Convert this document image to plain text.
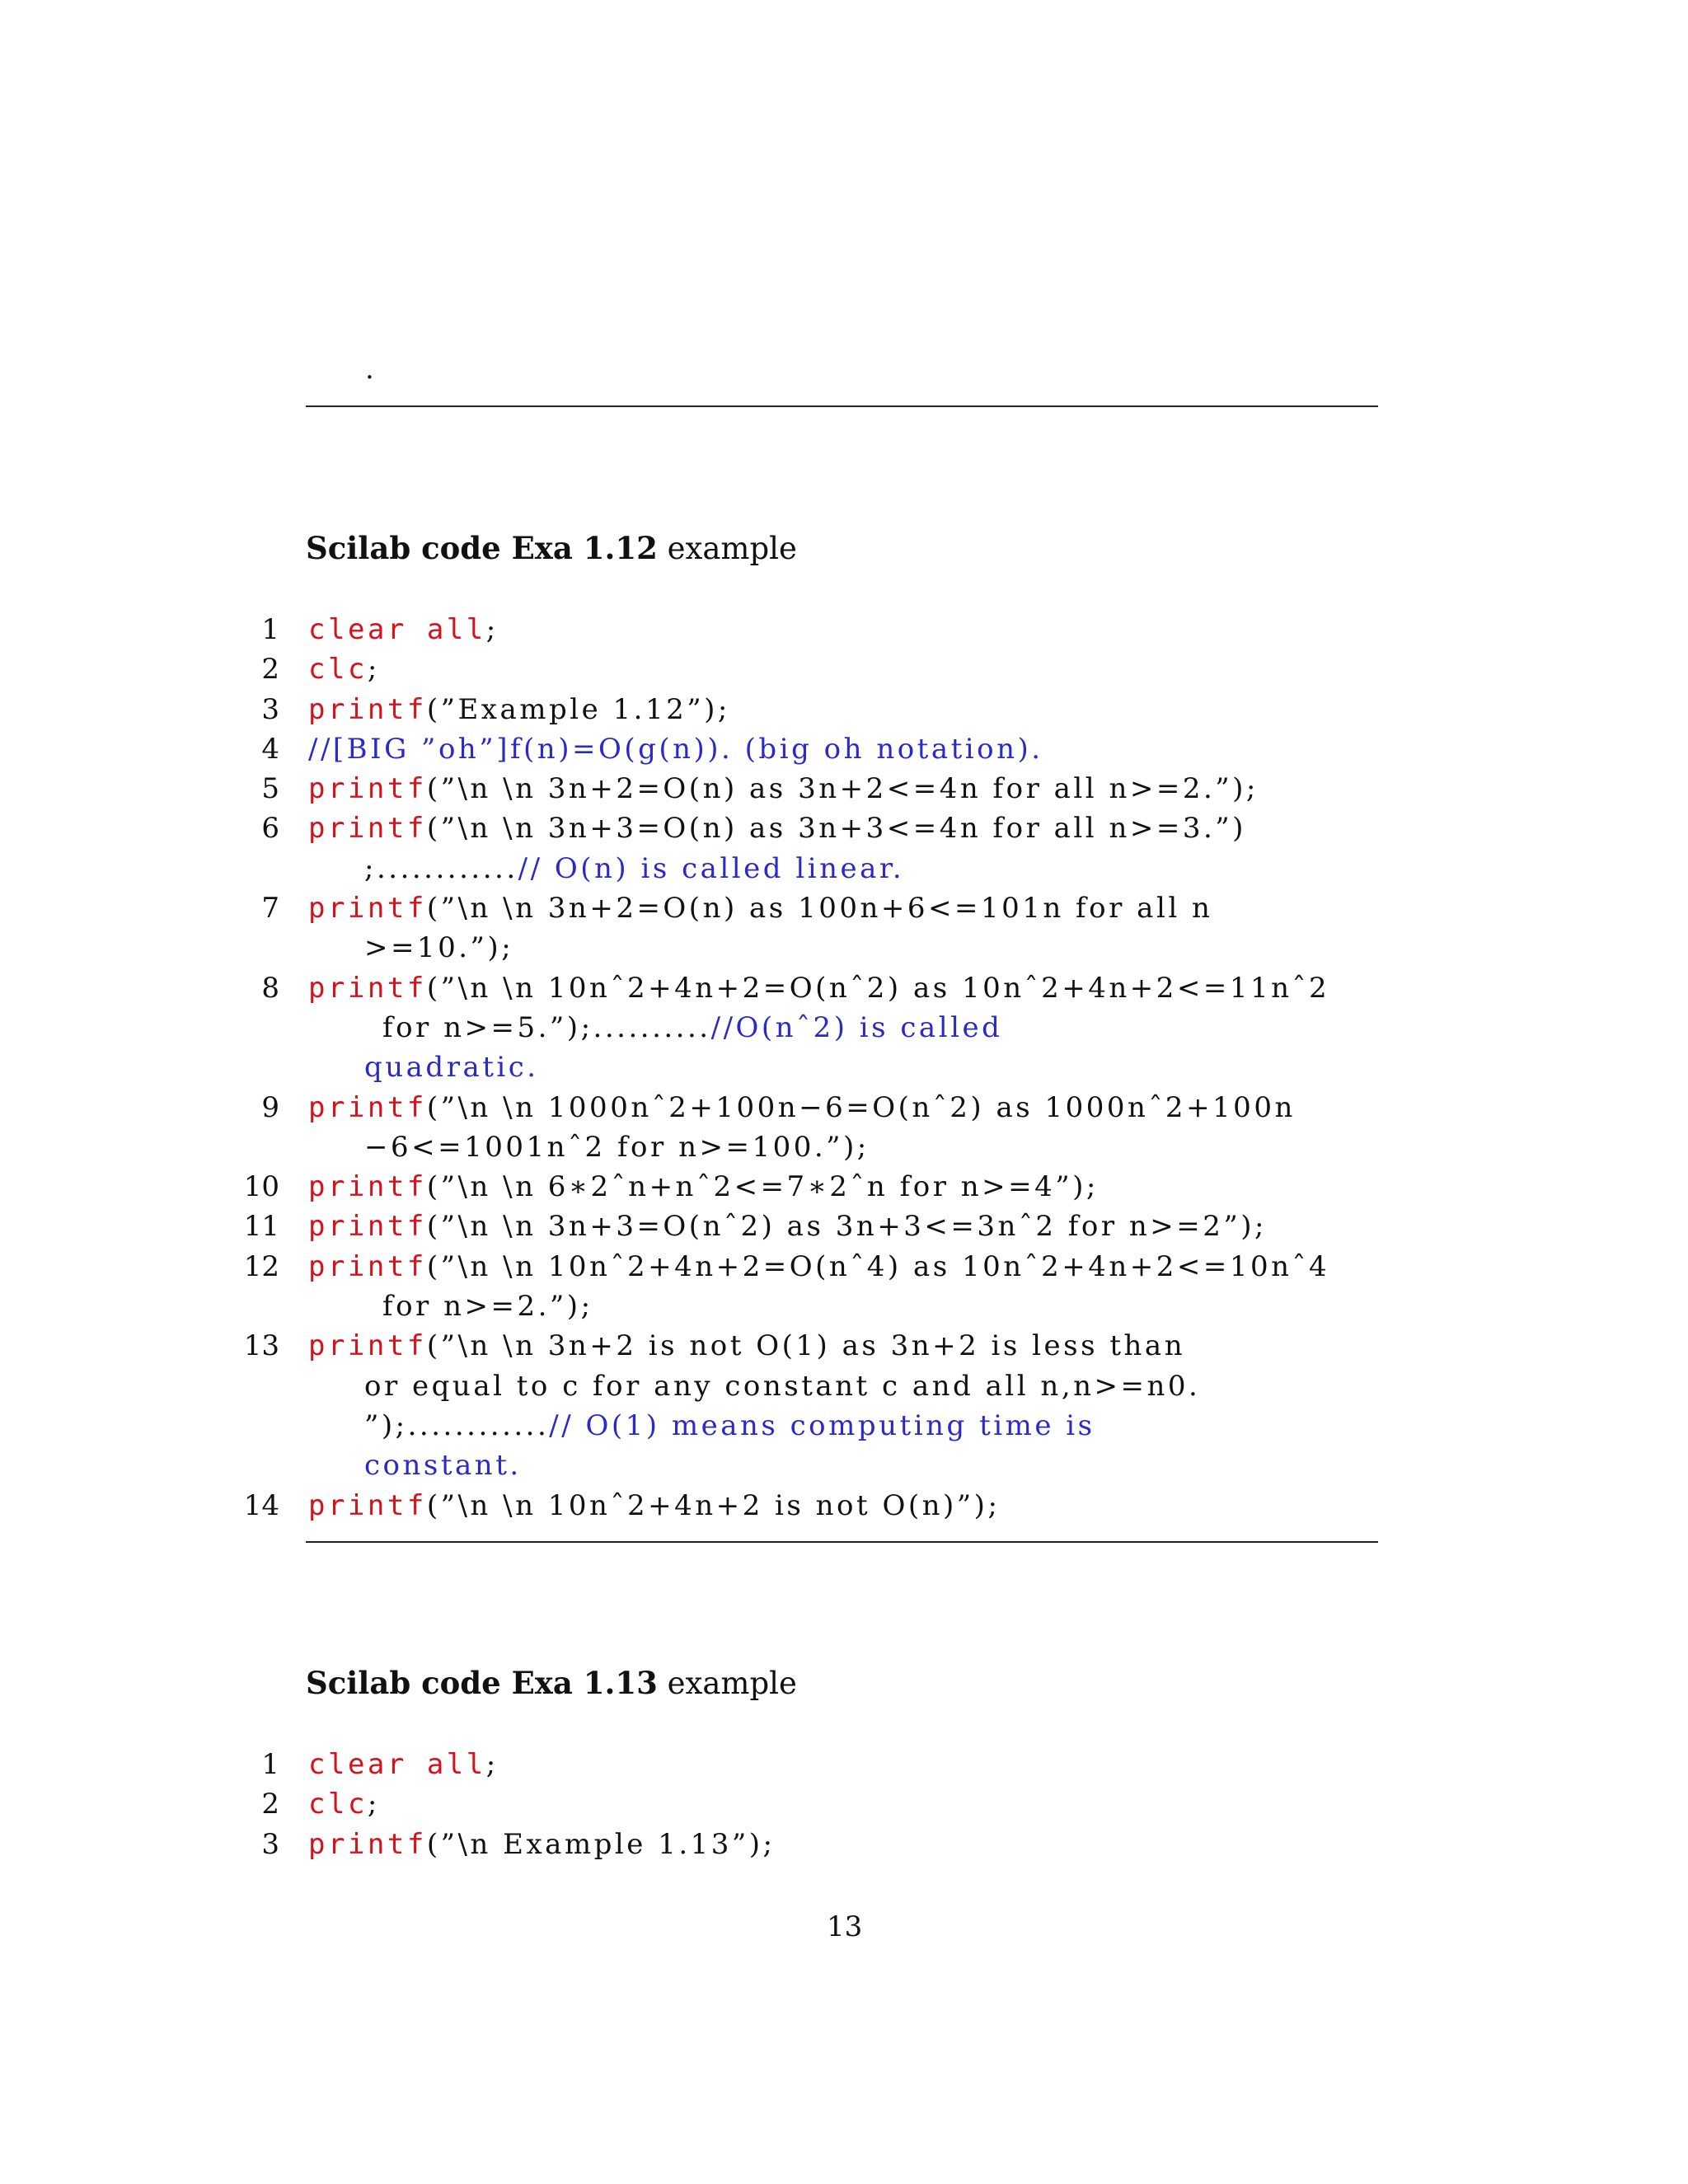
.
Scilab code Exa 1.12 example
1 clear all;
2 clc;
3 printf(”Example 1.12”);
4 //[BIG ”oh”]f(n)=O(g(n)). (big oh notation).
5 printf(”\n \n 3n+2=O(n) as 3n+2<=4n for all n>=2.”);
6 printf(”\n \n 3n+3=O(n) as 3n+3<=4n for all n>=3.”)
;............// O(n) is called linear.
7 printf(”\n \n 3n+2=O(n) as 100n+6<=101n for all n
>=10.”);
8 printf(”\n \n 10nˆ2+4n+2=O(nˆ2) as 10nˆ2+4n+2<=11nˆ2
for n>=5.”);..........//O(nˆ2) is called
quadratic.
9 printf(”\n \n 1000nˆ2+100n−6=O(nˆ2) as 1000nˆ2+100n
−6<=1001nˆ2 for n>=100.”);
10 printf(”\n \n 6∗2ˆn+nˆ2<=7∗2ˆn for n>=4”);
11 printf(”\n \n 3n+3=O(nˆ2) as 3n+3<=3nˆ2 for n>=2”);
12 printf(”\n \n 10nˆ2+4n+2=O(nˆ4) as 10nˆ2+4n+2<=10nˆ4
for n>=2.”);
13 printf(”\n \n 3n+2 is not O(1) as 3n+2 is less than
or equal to c for any constant c and all n,n>=n0.
”);............// O(1) means computing time is
constant.
14 printf(”\n \n 10nˆ2+4n+2 is not O(n)”);
Scilab code Exa 1.13 example
1 clear all;
2 clc;
3 printf(”\n Example 1.13”);
13
